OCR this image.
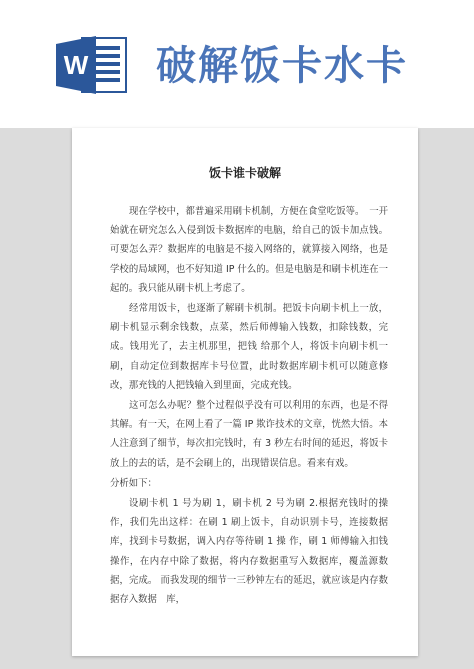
W 破解饭卡水卡
饭卡谁卡破解

现在学校中，都普遍采用刷卡机制，方便在食堂吃饭等。　一开始就在研究怎么入侵到饭卡数据库的电脑，给自己的饭卡加点钱。可要怎么弄？数据库的电脑是不接入网络的，就算接入网络，也是学校的局域网，也不好知道 IP 什么的。但是电脑是和刷卡机连在一起的。我只能从刷卡机上考虑了。

经常用饭卡，也逐渐了解刷卡机制。把饭卡向刷卡机上一放，刷卡机显示剩余钱数，点菜，然后师傅输入钱数，扣除钱数，完成。钱用光了，去主机那里，把钱 给那个人，将饭卡向刷卡机一刷，自动定位到数据库卡号位置，此时数据库刷卡机可以随意修改，那充钱的人把钱输入到里面，完成充钱。

这可怎么办呢？整个过程似乎没有可以利用的东西，也是不得其解。有一天，在网上看了一篇 IP 欺诈技术的文章，恍然大悟。本人注意到了细节，每次扣完钱时，有 3 秒左右时间的延迟，将饭卡放上的去的话，是不会刷上的，出现错误信息。看来有戏。

分析如下：

设刷卡机 1 号为刷 1，刷卡机 2 号为刷 2.根据充钱时的操作，我们先出这样：在刷 1 刷上饭卡，自动识别卡号，连接数据库，找到卡号数据，调入内存等待刷 1 操 作，刷 1 师傅输入扣钱操作，在内存中除了数据，将内存数据重写入数据库，覆盖源数据，完成。 而我发现的细节一三秒钟左右的延迟，就应该是内存数据存入数据　库，
